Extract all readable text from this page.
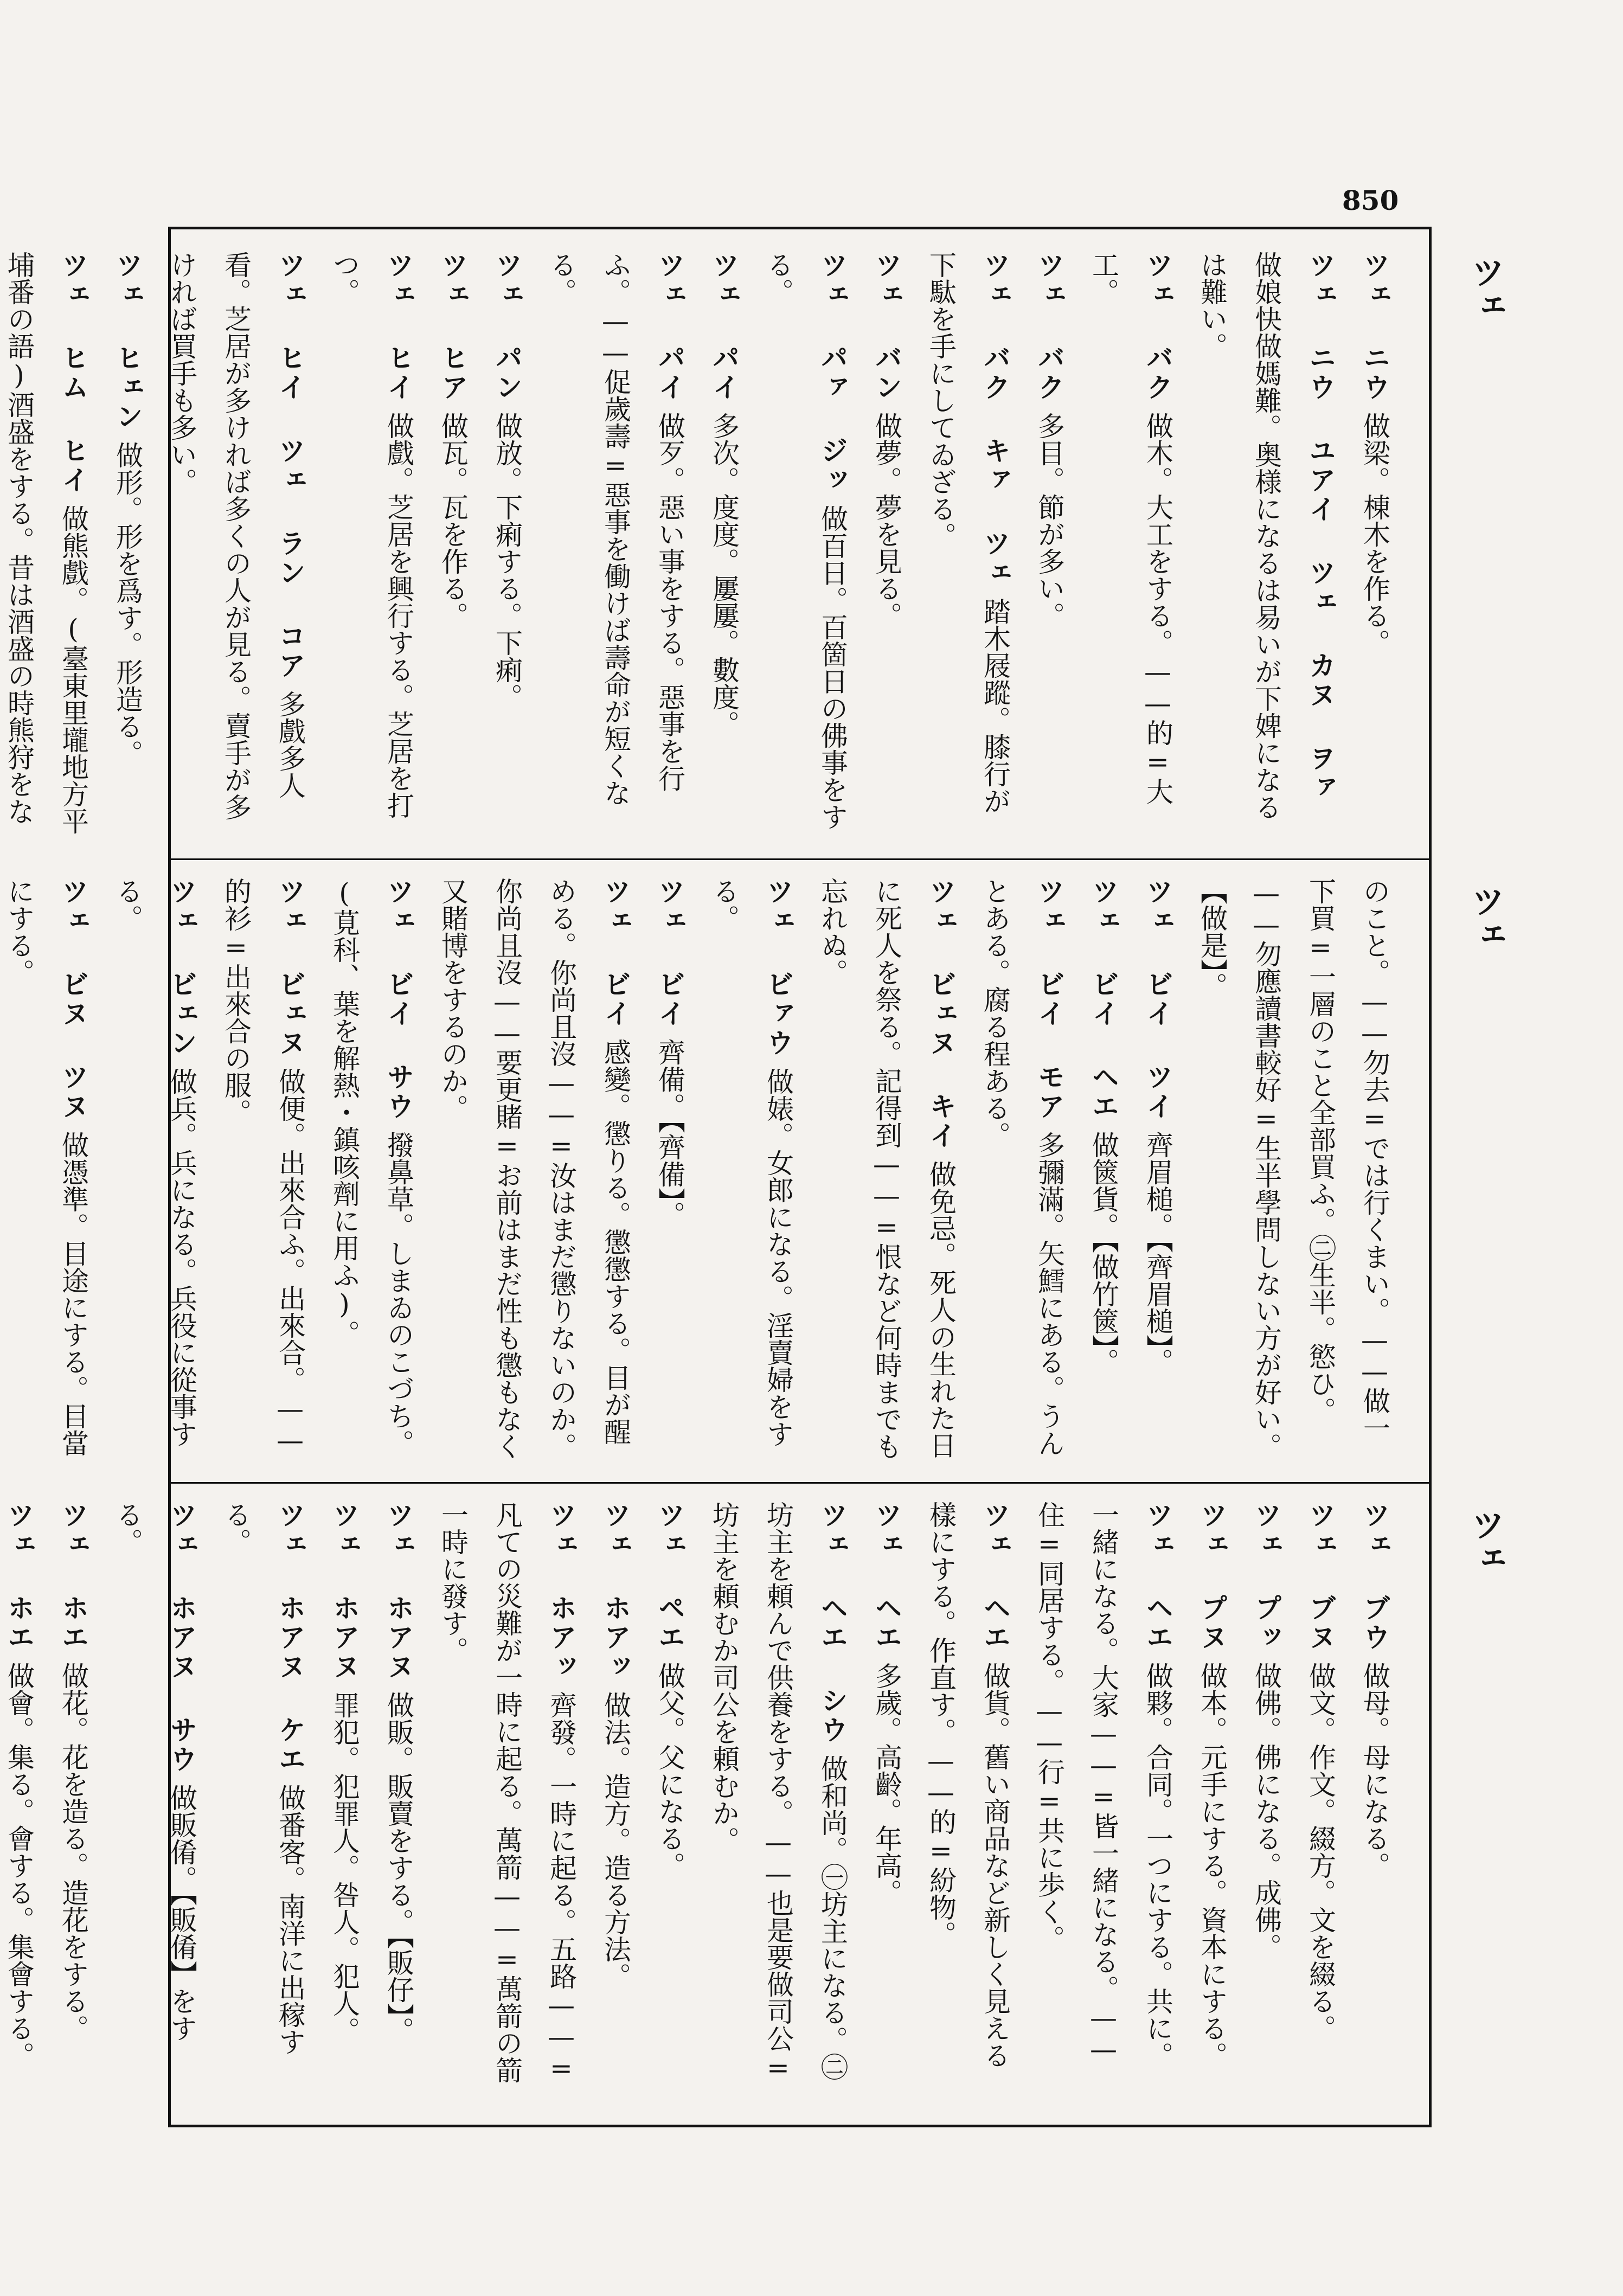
850
ツェ
ツェ
ツェ
ツェ ニウ做梁。棟木を作る。
ツェ ニウ ユアイ ツェ カヌ ヲァ做娘快做媽難。奥様になるは易いが下婢になるは難い。
ツェ バク做木。大工をする。——的=大工。
ツェ バク多目。節が多い。
ツェ バク キァ ツェ踏木屐蹤。膝行が下駄を手にしてゐざる。
ツェ バン做夢。夢を見る。
ツェ パァ ジッ做百日。百箇日の佛事をする。
ツェ パイ多次。度度。屢屢。數度。
ツェ パイ做歹。惡い事をする。惡事を行ふ。——促歲壽=惡事を働けば壽命が短くなる。
ツェ パン做放。下痢する。下痢。
ツェ ヒア做瓦。瓦を作る。
ツェ ヒイ做戲。芝居を興行する。芝居を打つ。
ツェ ヒイ ツェ ラン コア多戲多人看。芝居が多ければ多くの人が見る。賣手が多ければ買手も多い。
ツェ ヒェン做形。形を爲す。形造る。
ツェ ヒム ヒイ做熊戲。(臺東里壠地方平埔番の語)酒盛をする。昔は酒盛の時熊狩をな
のこと。——勿去=では行くまい。——做一下買=一層のこと全部買ふ。㊁生半。慾ひ。——勿應讀書較好=生半學問しない方が好い。【做是】。
ツェ ビイ ツイ齊眉槌。【齊眉槌】。
ツェ ビイ ヘエ做篋貨。【做竹篋】。
ツェ ビイ モア多彌滿。矢鱈にある。うんとある。腐る程ある。
ツェ ビェヌ キイ做免忌。死人の生れた日に死人を祭る。記得到——=恨など何時までも忘れぬ。
ツェ ビァウ做婊。女郎になる。淫賣婦をする。
ツェ ビイ齊備。【齊備】。
ツェ ビイ感變。懲りる。懲懲する。目が醒める。你尚且沒——=汝はまだ懲りないのか。你尚且沒——要更賭=お前はまだ性も懲もなく又賭博をするのか。
ツェ ビイ サウ撥鼻草。しまゐのこづち。(莧科、葉を解熱・鎮咳劑に用ふ)。
ツェ ビェヌ做便。出來合ふ。出來合。——的衫=出來合の服。
ツェ ビェン做兵。兵になる。兵役に從事する。
ツェ ビヌ ツヌ做憑準。目途にする。目當にする。
ツェ ブウ做母。母になる。
ツェ ブヌ做文。作文。綴方。文を綴る。
ツェ プッ做佛。佛になる。成佛。
ツェ プヌ做本。元手にする。資本にする。
ツェ ヘエ做夥。合同。一つにする。共に。一緒になる。大家——=皆一緒になる。——住=同居する。——行=共に歩く。
ツェ ヘエ做貨。舊い商品など新しく見える樣にする。作直す。——的=紛物。
ツェ ヘエ多歲。高齡。年高。
ツェ ヘエ シウ做和尚。㊀坊主になる。㊁坊主を頼んで供養をする。——也是要做司公=坊主を頼むか司公を頼むか。
ツェ ペエ做父。父になる。
ツェ ホアッ做法。造方。造る方法。
ツェ ホアッ齊發。一時に起る。五路——=凡ての災難が一時に起る。萬箭——=萬箭の箭一時に發す。
ツェ ホアヌ做販。販賣をする。【販仔】。
ツェ ホアヌ罪犯。犯罪人。咎人。犯人。
ツェ ホアヌ ケエ做番客。南洋に出稼する。
ツェ ホアヌ サウ做販倄。【販倄】をする。
ツェ ホエ做花。花を造る。造花をする。
ツェ ホエ做會。集る。會する。集會する。
